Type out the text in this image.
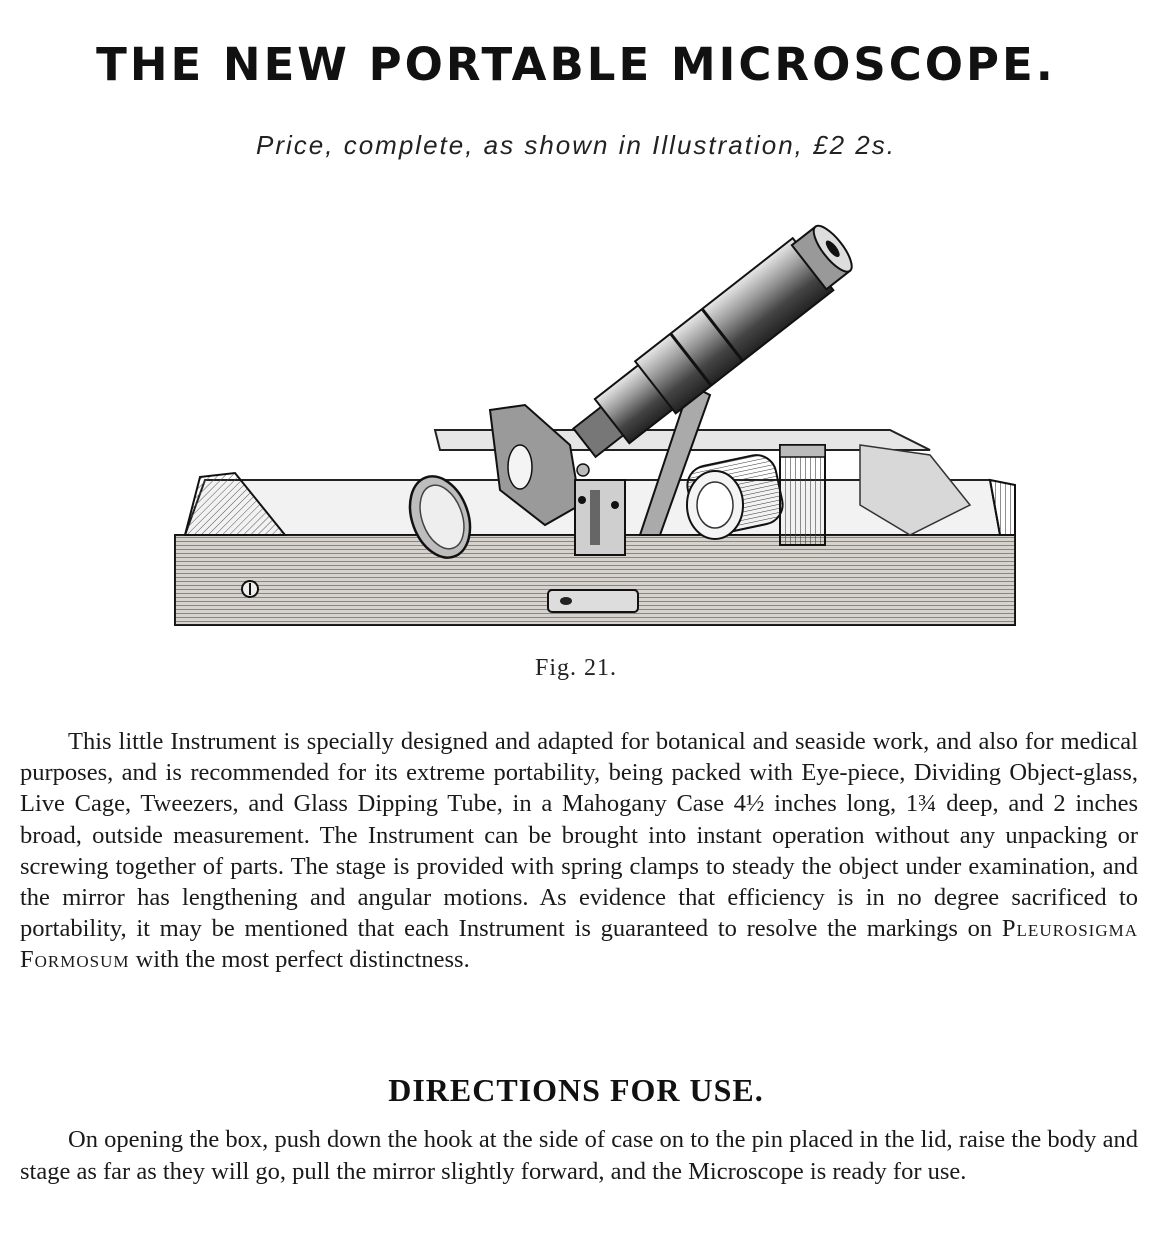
THE NEW PORTABLE MICROSCOPE.
Price, complete, as shown in Illustration, £2 2s.
Fig. 21.

This little Instrument is specially designed and adapted for botanical and seaside work, and also for medical purposes, and is recommended for its extreme portability, being packed with Eye-piece, Dividing Object-glass, Live Cage, Tweezers, and Glass Dipping Tube, in a Mahogany Case 4½ inches long, 1¾ deep, and 2 inches broad, outside measurement. The Instrument can be brought into instant operation without any unpacking or screwing together of parts. The stage is provided with spring clamps to steady the object under examination, and the mirror has lengthening and angular motions. As evidence that efficiency is in no degree sacrificed to portability, it may be mentioned that each Instrument is guaranteed to resolve the markings on Pleurosigma Formosum with the most perfect distinctness.

DIRECTIONS FOR USE.

On opening the box, push down the hook at the side of case on to the pin placed in the lid, raise the body and stage as far as they will go, pull the mirror slightly forward, and the Microscope is ready for use.
